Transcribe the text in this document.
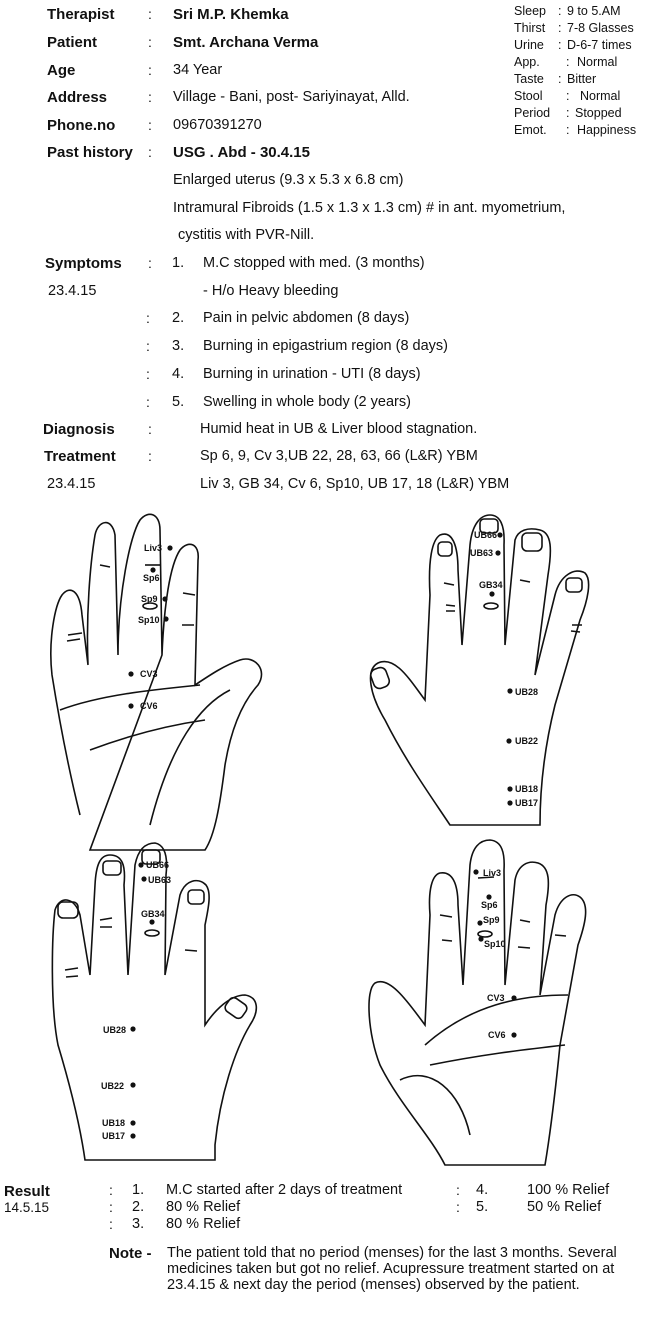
Therapist : Sri M.P. Khemka
Patient	: Smt. Archana Verma
Age	: 34 Year
Address	: Village - Bani, post- Sariyinayat, Alld.
Phone.no : 09670391270
Sleep : 9 to 5.AM
Thirst : 7-8 Glasses
Urine : D-6-7 times
App. : Normal
Taste : Bitter
Stool : Normal
Period : Stopped
Emot. : Happiness
Past history : USG . Abd - 30.4.15
Enlarged uterus (9.3 x 5.3 x 6.8 cm)
Intramural Fibroids (1.5 x 1.3 x 1.3 cm) # in ant. myometrium,
cystitis with PVR-Nill.
Symptoms :
23.4.15
1. M.C stopped with med. (3 months)
- H/o Heavy bleeding
: 2. Pain in pelvic abdomen (8 days)
: 3. Burning in epigastrium region (8 days)
: 4. Burning in urination - UTI (8 days)
: 5. Swelling in whole body (2 years)
Diagnosis :	Humid heat in UB & Liver blood stagnation.
Treatment :	Sp 6, 9, Cv 3,UB 22, 28, 63, 66 (L&R) YBM
23.4.15	Liv 3, GB 34, Cv 6, Sp10, UB 17, 18 (L&R) YBM
Liv3
Sp6
Sp9
Sp10
CV3
CV6
UB66
UB63
GB34
UB28
UB22
UB18
UB17
UB66
UB63
GB34
UB28
UB22
UB18
UB17
Liv3
Sp6
Sp9
Sp10
CV3
CV6
Result
14.5.15
: 1. M.C started after 2 days of treatment
: 2. 80 % Relief
: 3. 80 % Relief
: 4.	100 % Relief
: 5.	50 % Relief
Note - The patient told that no period (menses) for the last 3 months. Several medicines taken but got no relief. Acupressure treatment started on at 23.4.15 & next day the period (menses) observed by the patient.
